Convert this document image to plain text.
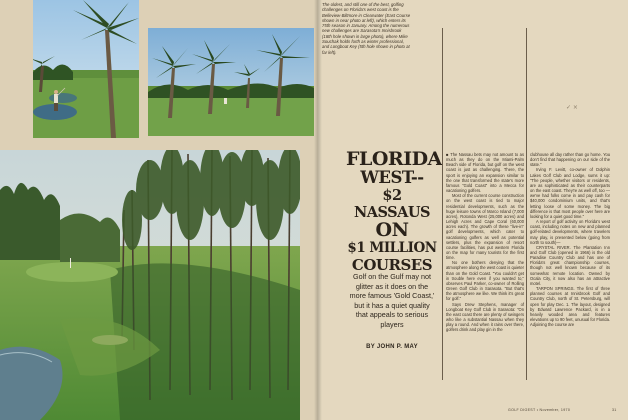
The oldest, and still one of the best, golfing challenges on Florida's west coast is the Belleview-Biltmore in Clearwater (East Course shown in near photo at left), which enters its 75th season in January. Among the numerous new challenges are Sarasota's Innisbrook (18th hole shown in large photo), where Mike Souchak holds forth as winter professional, and Longboat Key (5th hole shown in photo at far left).
FLORIDA
WEST--
$2 NASSAUS
ON
$1 MILLION
COURSES
Golf on the Gulf may not glitter as it does on the more famous 'Gold Coast,' but it has a quiet quality that appeals to serious players
BY JOHN P. MAY

■ The Nassau bets may not amount to as much as they do on the Miami-Palm Beach side of Florida, but golf on the west coast is just as challenging. There, the sport is enjoying an expansion similar to the one that transformed the state's more famous "Gold Coast" into a Mecca for vacationing golfers.

Most of the current course construction on the west coast is tied to major residential developments, such as the huge leisure towns of Marco Island (7,000 acres), Rotonda West (25,000 acres) and Lehigh Acres and Cape Coral (60,000 acres each). The growth of these "live-in" golf developments, which cater to vacationing golfers as well as potential settlers, plus the expansion of resort course facilities, has put western Florida on the map for many tourists for the first time.

No one bothers denying that the atmosphere along the west coast is quieter than on the Gold Coast. "You couldn't get in trouble here even if you wanted to," observes Paul Parker, co-owner of Rolling Green Golf Club in Sarasota. "But that's the atmosphere we like. We think it's great for golf."

Says Drew Stephens, manager of Longboat Key Golf Club in Sarasota: "On the east coast there are plenty of swingers who like a substantial Nassau when they play a round. And when it rains over there, golfers drink and play gin in the

clubhouse all day rather than go home. You don't find that happening on our side of the state."

Irving F. Levitt, co-owner of Dolphin Lakes Golf Club and Lodge, sums it up: "The people, whether visitors or residents, are as sophisticated as their counterparts on the east coast. They're as well off, too —we've had folks come in and pay cash for $40,000 condominium units, and that's letting loose of some money. The big difference is that most people over here are looking for a quiet good time."

A report of golf activity on Florida's west coast, including notes on new and planned golf-related developments, where travelers may play, is presented below (going from north to south)—

CRYSTAL RIVER. The Plantation Inn and Golf Club (opened in 1966) is the old Paradise Country Club and has one of Florida's great championship courses, though not well known because of its somewhat remote location. Owned by Ocala City, it now also has an attractive motel.

TARPON SPRINGS. The first of three planned courses at Innisbrook Golf and Country Club, north of St. Petersburg, will open for play Dec. 1. The layout, designed by Edward Lawrence Packard, is in a heavily wooded area and features elevations up to 90 feet, unusual for Florida. Adjoining the course are

✓ ×
GOLF DIGEST • November, 1970	31
